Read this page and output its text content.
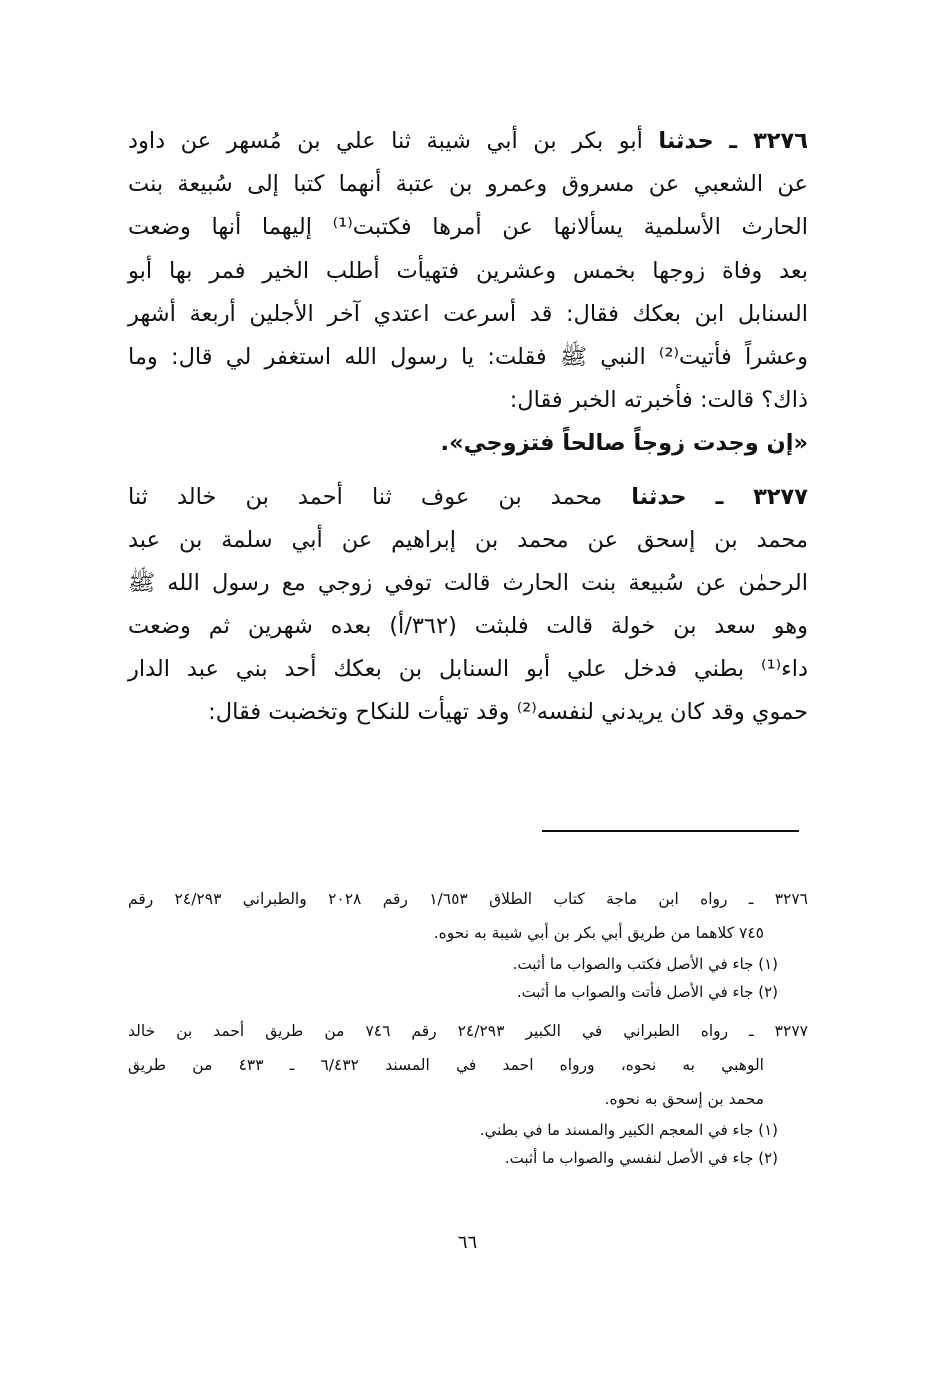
٣٢٧٦ ـ حدثنا أبو بكر بن أبي شيبة ثنا علي بن مُسهر عن داود
عن الشعبي عن مسروق وعمرو بن عتبة أنهما كتبا إلى سُبيعة بنت
الحارث الأسلمية يسألانها عن أمرها فكتبت⁽¹⁾ إليهما أنها وضعت
بعد وفاة زوجها بخمس وعشرين فتهيأت أطلب الخير فمر بها أبو
السنابل ابن بعكك فقال: قد أسرعت اعتدي آخر الأجلين أربعة أشهر
وعشراً فأتيت⁽²⁾ النبي ﷺ فقلت: يا رسول الله استغفر لي قال: وما
ذاك؟ قالت: فأخبرته الخبر فقال:
«إن وجدت زوجاً صالحاً فتزوجي».
٣٢٧٧ ـ حدثنا محمد بن عوف ثنا أحمد بن خالد ثنا
محمد بن إسحق عن محمد بن إبراهيم عن أبي سلمة بن عبد
الرحمٰن عن سُبيعة بنت الحارث قالت توفي زوجي مع رسول الله ﷺ
وهو سعد بن خولة قالت فلبثت (٣٦٢/أ) بعده شهرين ثم وضعت
داء⁽¹⁾ بطني فدخل علي أبو السنابل بن بعكك أحد بني عبد الدار
حموي وقد كان يريدني لنفسه⁽²⁾ وقد تهيأت للنكاح وتخضبت فقال:
٣٢٧٦ ـ رواه ابن ماجة كتاب الطلاق ١/٦٥٣ رقم ٢٠٢٨ والطبراني ٢٤/٢٩٣ رقم
٧٤٥ كلاهما من طريق أبي بكر بن أبي شيبة به نحوه.
(١) جاء في الأصل فكتب والصواب ما أثبت.
(٢) جاء في الأصل فأتت والصواب ما أثبت.
٣٢٧٧ ـ رواه الطبراني في الكبير ٢٤/٢٩٣ رقم ٧٤٦ من طريق أحمد بن خالد
الوهبي به نحوه، ورواه احمد في المسند ٦/٤٣٢ ـ ٤٣٣ من طريق
محمد بن إسحق به نحوه.
(١) جاء في المعجم الكبير والمسند ما في بطني.
(٢) جاء في الأصل لنفسي والصواب ما أثبت.
٦٦
